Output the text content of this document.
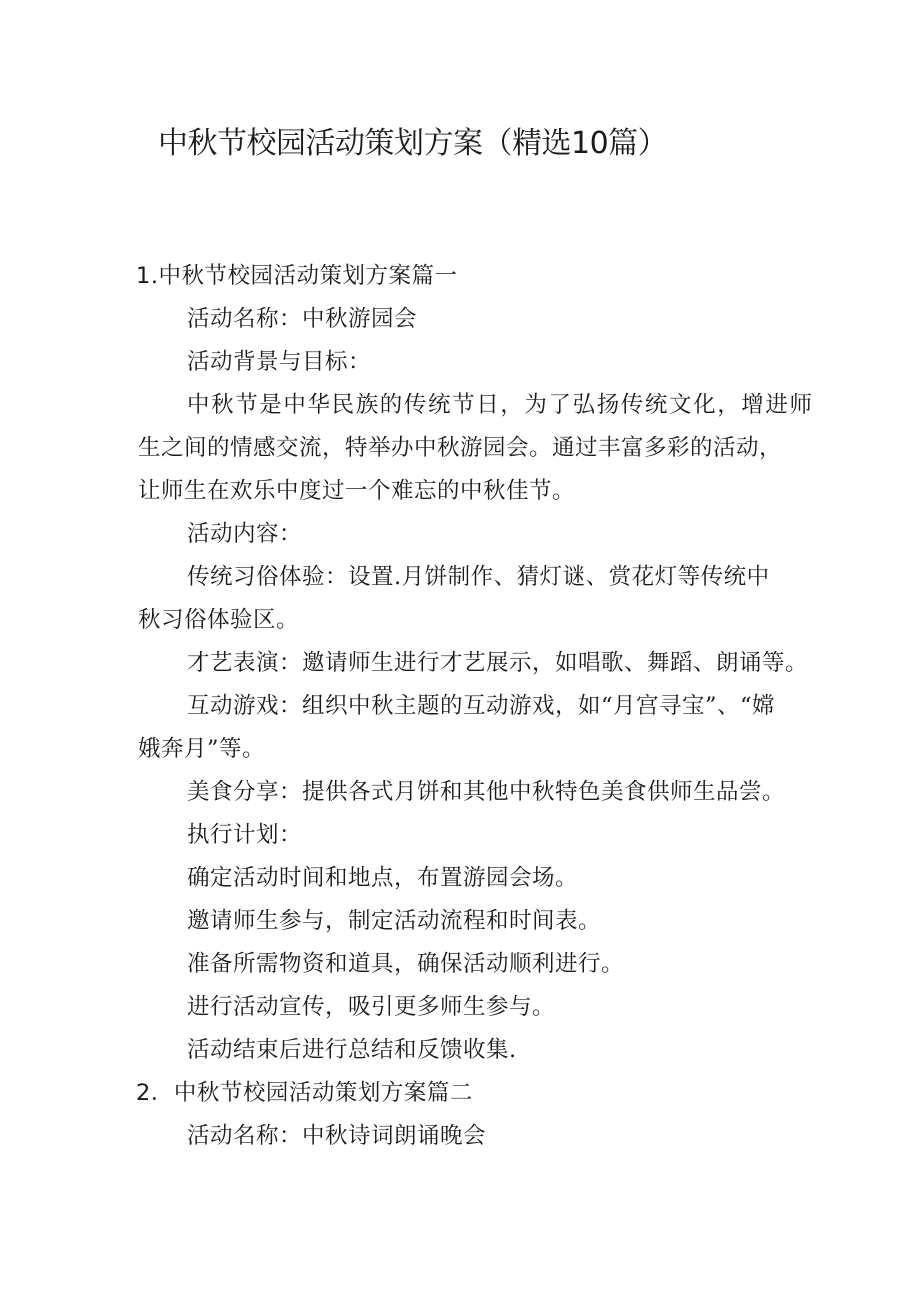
中秋节校园活动策划方案（精选10篇）
1.中秋节校园活动策划方案篇一
活动名称：中秋游园会
活动背景与目标：
中秋节是中华民族的传统节日，为了弘扬传统文化，增进师
生之间的情感交流，特举办中秋游园会。通过丰富多彩的活动，
让师生在欢乐中度过一个难忘的中秋佳节。
活动内容：
传统习俗体验：设置.月饼制作、猜灯谜、赏花灯等传统中
秋习俗体验区。
才艺表演：邀请师生进行才艺展示，如唱歌、舞蹈、朗诵等。
互动游戏：组织中秋主题的互动游戏，如“月宫寻宝”、“嫦
娥奔月”等。
美食分享：提供各式月饼和其他中秋特色美食供师生品尝。
执行计划：
确定活动时间和地点，布置游园会场。
邀请师生参与，制定活动流程和时间表。
准备所需物资和道具，确保活动顺利进行。
进行活动宣传，吸引更多师生参与。
活动结束后进行总结和反馈收集.
2．中秋节校园活动策划方案篇二
活动名称：中秋诗词朗诵晚会
